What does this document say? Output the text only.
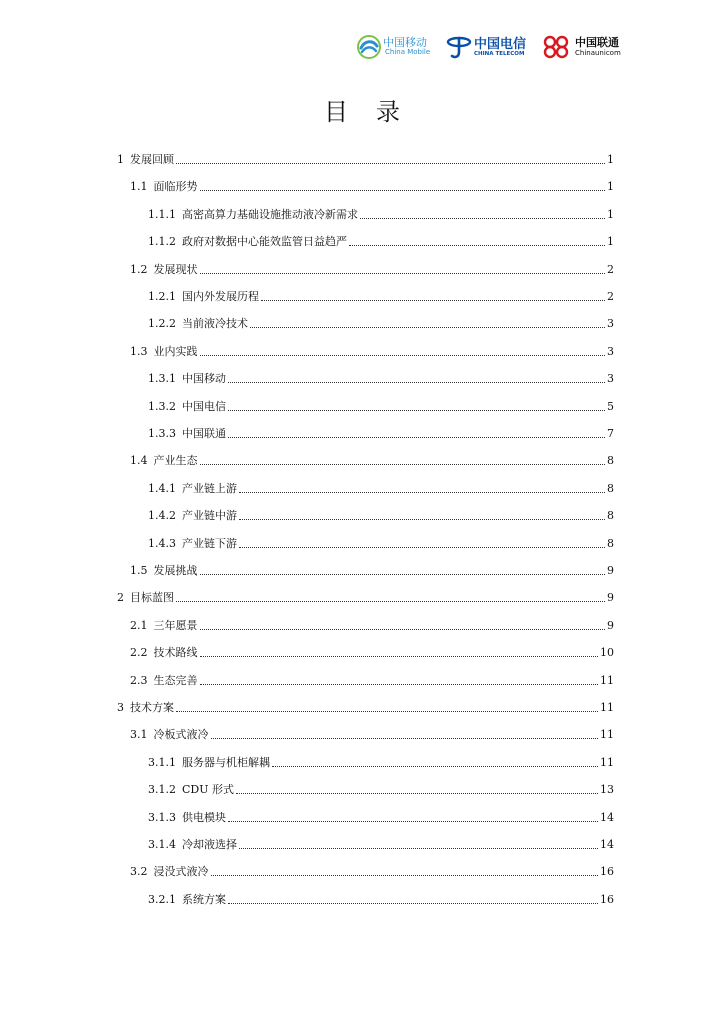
中国移动
China Mobile	中国电信
CHINA TELECOM
中国联通
Chinaunicom
目录
1 发展回顾	1
1.1 面临形势	1
1.1.1 高密高算力基础设施推动液冷新需求	1
1.1.2 政府对数据中心能效监管日益趋严	1
1.2 发展现状	2
1.2.1 国内外发展历程	2
1.2.2 当前液冷技术	3
1.3 业内实践	3
1.3.1 中国移动	3
1.3.2 中国电信	5
1.3.3 中国联通	7
1.4 产业生态	8
1.4.1 产业链上游	8
1.4.2 产业链中游	8
1.4.3 产业链下游	8
1.5 发展挑战	9
2 目标蓝图	9
2.1 三年愿景	9
2.2 技术路线	10
2.3 生态完善	11
3 技术方案	11
3.1 冷板式液冷	11
3.1.1 服务器与机柜解耦	11
3.1.2 CDU 形式	13
3.1.3 供电模块	14
3.1.4 冷却液选择	14
3.2 浸没式液冷	16
3.2.1 系统方案	16
